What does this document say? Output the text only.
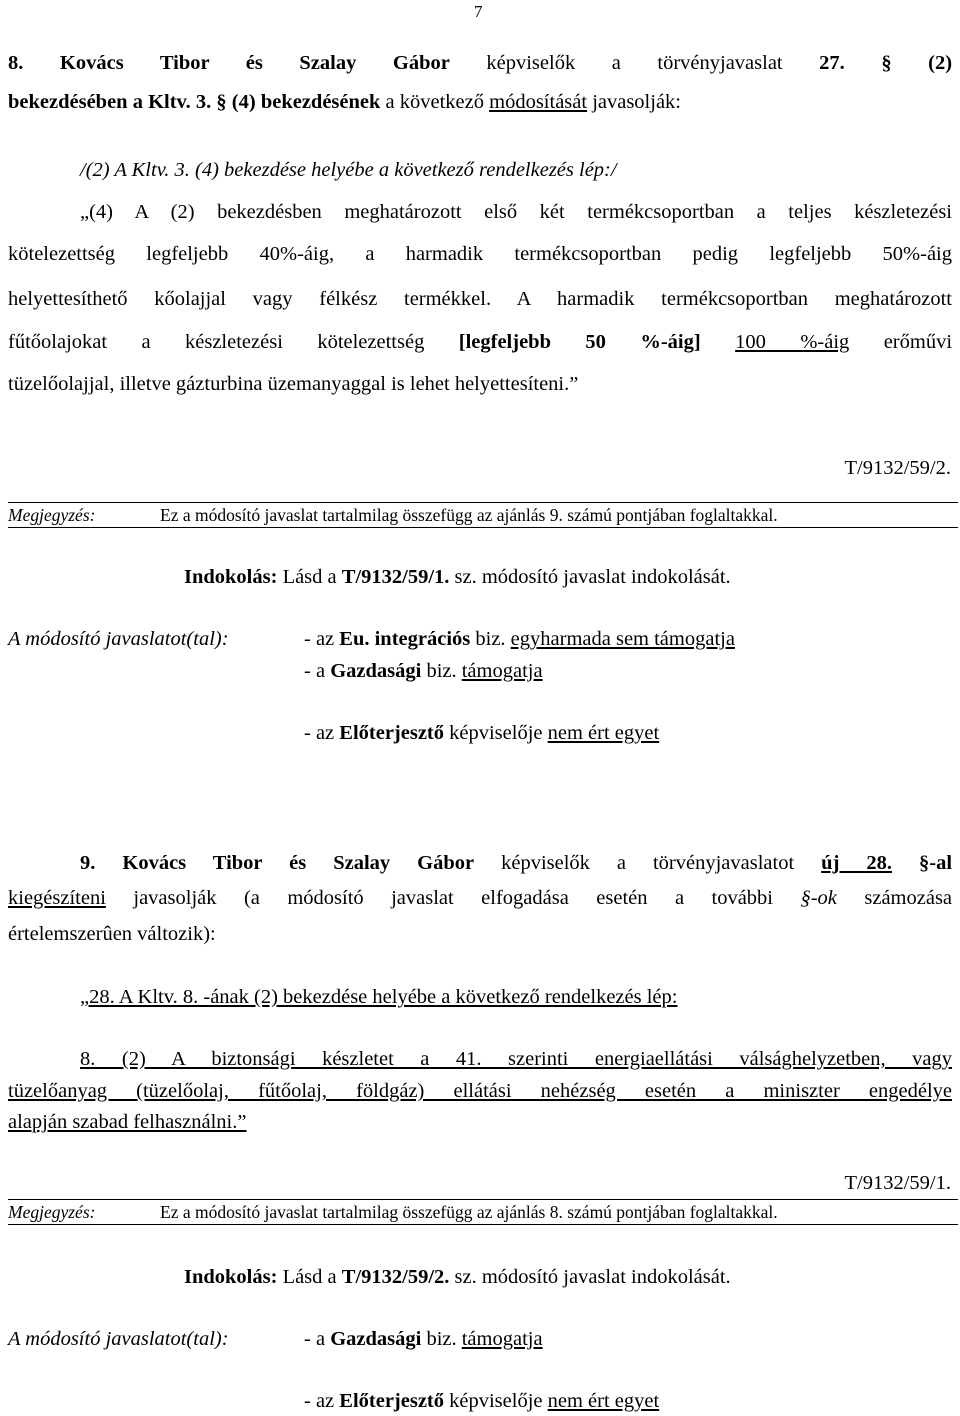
7
8. Kovács Tibor és Szalay Gábor képviselők a törvényjavaslat 27. § (2)
bekezdésében a Kltv. 3. § (4) bekezdésének a következő módosítását javasolják:
/(2) A Kltv. 3. (4) bekezdése helyébe a következő rendelkezés lép:/
„(4) A (2) bekezdésben meghatározott első két termékcsoportban a teljes készletezési
kötelezettség legfeljebb 40%-áig, a harmadik termékcsoportban pedig legfeljebb 50%-áig
helyettesíthető kőolajjal vagy félkész termékkel. A harmadik termékcsoportban meghatározott
fűtőolajokat a készletezési kötelezettség [legfeljebb 50 %-áig] 100 %-áig erőművi
tüzelőolajjal, illetve gázturbina üzemanyaggal is lehet helyettesíteni.”
T/9132/59/2.
Megjegyzés:	Ez a módosító javaslat tartalmilag összefügg az ajánlás 9. számú pontjában foglaltakkal.
Indokolás: Lásd a T/9132/59/1. sz. módosító javaslat indokolását.
A módosító javaslatot(tal):	- az Eu. integrációs biz. egyharmada sem támogatja
- a Gazdasági biz. támogatja
- az Előterjesztő képviselője nem ért egyet
9. Kovács Tibor és Szalay Gábor képviselők a törvényjavaslatot új 28. §-al
kiegészíteni javasolják (a módosító javaslat elfogadása esetén a további §-ok számozása
értelemszerûen változik):
„28. A Kltv. 8. -ának (2) bekezdése helyébe a következő rendelkezés lép:
8. (2) A biztonsági készletet a 41. szerinti energiaellátási válsághelyzetben, vagy
tüzelőanyag (tüzelőolaj, fűtőolaj, földgáz) ellátási nehézség esetén a miniszter engedélye
alapján szabad felhasználni.”
T/9132/59/1.
Megjegyzés:	Ez a módosító javaslat tartalmilag összefügg az ajánlás 8. számú pontjában foglaltakkal.
Indokolás: Lásd a T/9132/59/2. sz. módosító javaslat indokolását.
A módosító javaslatot(tal):	- a Gazdasági biz. támogatja
- az Előterjesztő képviselője nem ért egyet
